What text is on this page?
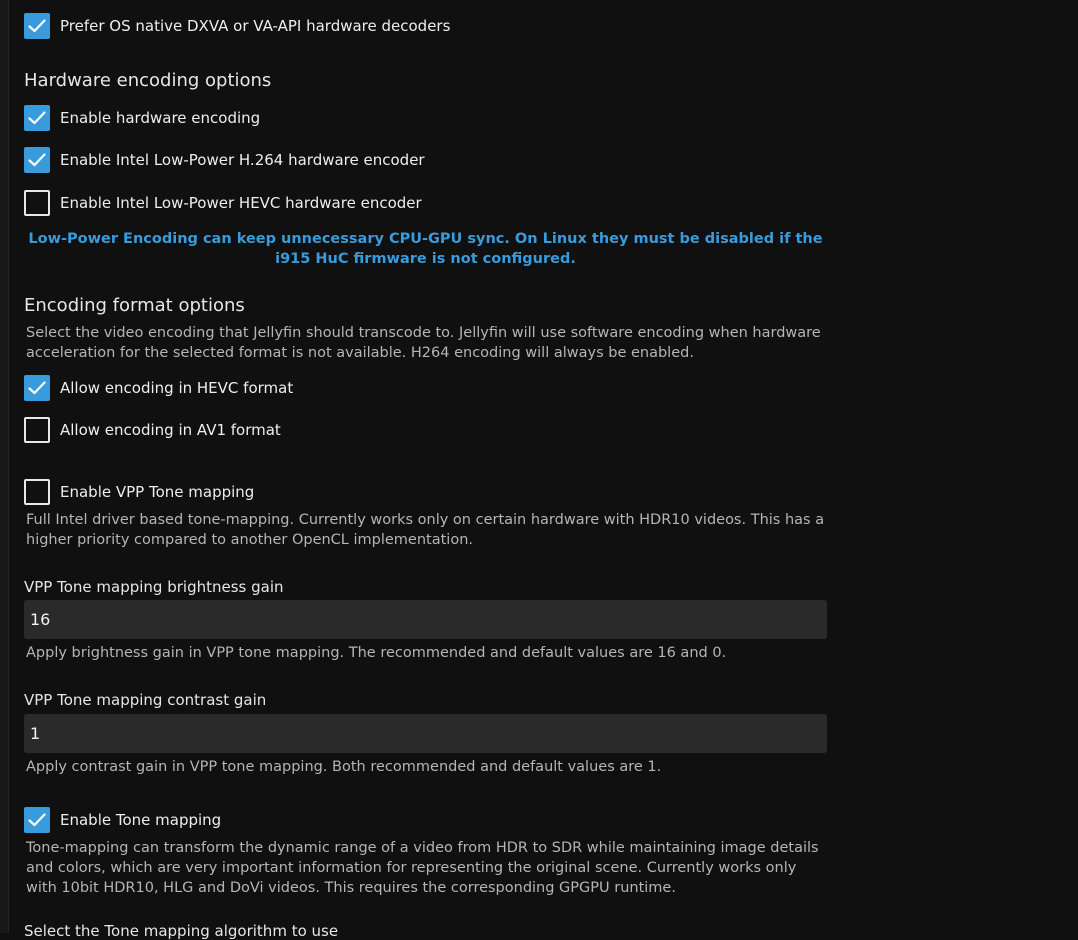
Prefer OS native DXVA or VA-API hardware decoders
Hardware encoding options
Enable hardware encoding
Enable Intel Low-Power H.264 hardware encoder
Enable Intel Low-Power HEVC hardware encoder
Low-Power Encoding can keep unnecessary CPU-GPU sync. On Linux they must be disabled if the i915 HuC firmware is not configured.
Encoding format options
Select the video encoding that Jellyfin should transcode to. Jellyfin will use software encoding when hardware acceleration for the selected format is not available. H264 encoding will always be enabled.
Allow encoding in HEVC format
Allow encoding in AV1 format
Enable VPP Tone mapping
Full Intel driver based tone-mapping. Currently works only on certain hardware with HDR10 videos. This has a higher priority compared to another OpenCL implementation.
VPP Tone mapping brightness gain
16
Apply brightness gain in VPP tone mapping. The recommended and default values are 16 and 0.
VPP Tone mapping contrast gain
1
Apply contrast gain in VPP tone mapping. Both recommended and default values are 1.
Enable Tone mapping
Tone-mapping can transform the dynamic range of a video from HDR to SDR while maintaining image details and colors, which are very important information for representing the original scene. Currently works only with 10bit HDR10, HLG and DoVi videos. This requires the corresponding GPGPU runtime.
Select the Tone mapping algorithm to use
